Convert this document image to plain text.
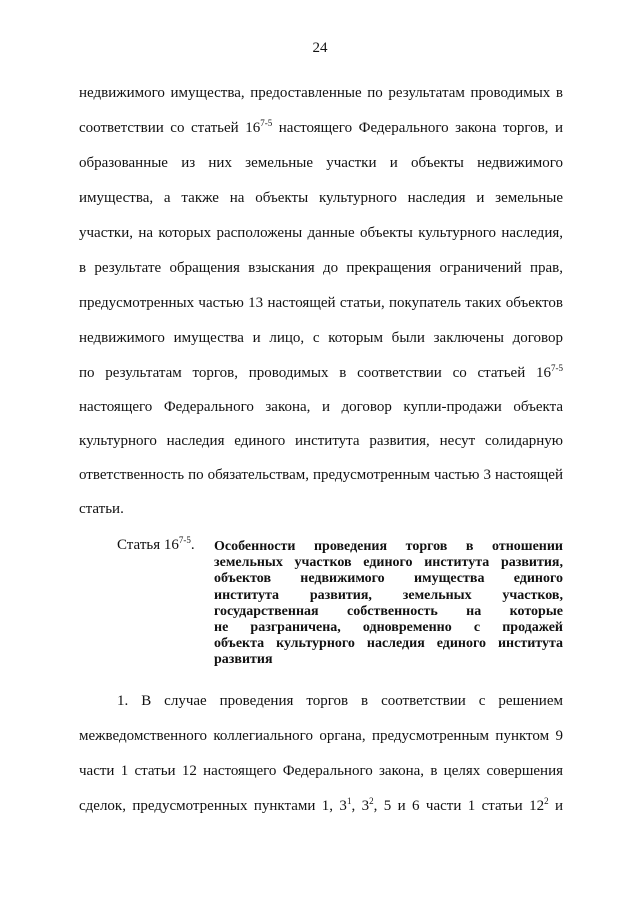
24
недвижимого имущества, предоставленные по результатам проводимых в
соответствии со статьей 16$^{7-5}$ настоящего Федерального закона торгов, и
образованные из них земельные участки и объекты недвижимого
имущества, а также на объекты культурного наследия и земельные
участки, на которых расположены данные объекты культурного наследия,
в результате обращения взыскания до прекращения ограничений прав,
предусмотренных частью 13 настоящей статьи, покупатель таких объектов
недвижимого имущества и лицо, с которым были заключены договор
по результатам торгов, проводимых в соответствии со статьей 16$^{7-5}$
настоящего Федерального закона, и договор купли-продажи объекта
культурного наследия единого института развития, несут солидарную
ответственность по обязательствам, предусмотренным частью 3 настоящей
статьи.
Статья 16$^{7-5}$. Особенности проведения торгов в отношении
земельных участков единого института развития,
объектов недвижимого имущества единого
института развития, земельных участков,
государственная собственность на которые
не разграничена, одновременно с продажей
объекта культурного наследия единого института
развития
1. В случае проведения торгов в соответствии с решением
межведомственного коллегиального органа, предусмотренным пунктом 9
части 1 статьи 12 настоящего Федерального закона, в целях совершения
сделок, предусмотренных пунктами 1, $3^1$, $3^2$, 5 и 6 части 1 статьи $12^2$ и
